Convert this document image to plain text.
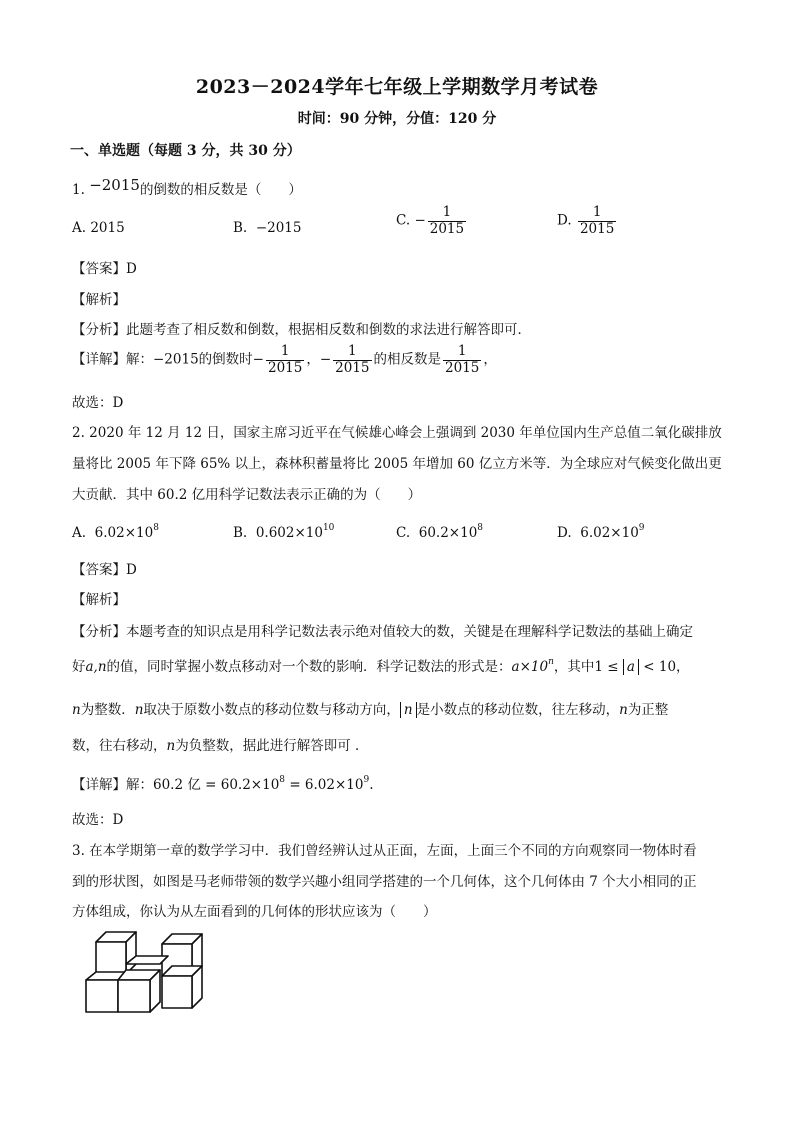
2023－2024学年七年级上学期数学月考试卷
时间：90 分钟，分值：120 分
一、单选题（每题 3 分，共 30 分）
1. −2015的倒数的相反数是（　　）
A. 2015	B. −2015	C. − $\frac{1}{2015}$	D. $\frac{1}{2015}$
【答案】D
【解析】
【分析】此题考查了相反数和倒数，根据相反数和倒数的求法进行解答即可．
【详解】解：−2015的倒数时− $\frac{1}{2015}$ ，− $\frac{1}{2015}$ 的相反数是 $\frac{1}{2015}$ ，
故选：D
2. 2020 年 12 月 12 日，国家主席习近平在气候雄心峰会上强调到 2030 年单位国内生产总值二氧化碳排放
量将比 2005 年下降 65% 以上，森林积蓄量将比 2005 年增加 60 亿立方米等．为全球应对气候变化做出更
大贡献．其中 60.2 亿用科学记数法表示正确的为（　　）
A. $6.02\times 10^8$	B. $0.602\times 10^{10}$	C. $60.2\times 10^8$	D. $6.02\times 10^9$
【答案】D
【解析】
【分析】本题考查的知识点是用科学记数法表示绝对值较大的数，关键是在理解科学记数法的基础上确定
好a,n的值，同时掌握小数点移动对一个数的影响．科学记数法的形式是：$a\times 10^n$，其中1 ≤ a < 10，
n为整数．n取决于原数小数点的移动位数与移动方向， n 是小数点的移动位数，往左移动，n为正整
数，往右移动，n为负整数，据此进行解答即可 ．
【详解】解：60.2 亿 = $60.2\times 10^8 = 6.02\times 10^9$.
故选：D
3. 在本学期第一章的数学学习中．我们曾经辨认过从正面，左面，上面三个不同的方向观察同一物体时看
到的形状图，如图是马老师带领的数学兴趣小组同学搭建的一个几何体，这个几何体由 7 个大小相同的正
方体组成，你认为从左面看到的几何体的形状应该为（　　）
